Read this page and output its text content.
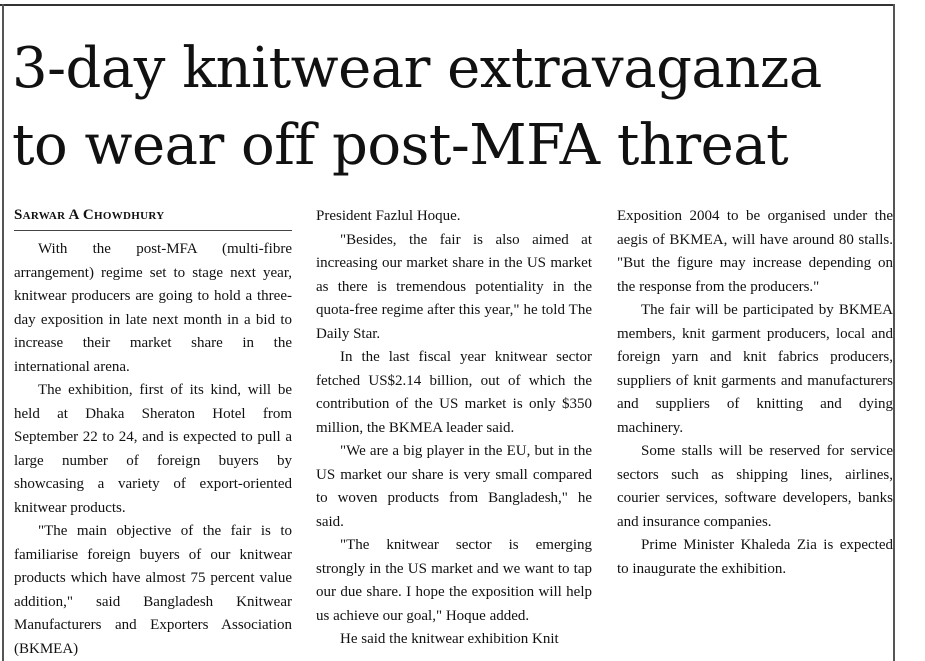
3-day knitwear extravaganza
to wear off post-MFA threat
Sarwar A Chowdhury

With the post-MFA (multi-fibre arrangement) regime set to stage next year, knitwear producers are going to hold a three-day exposition in late next month in a bid to increase their market share in the international arena.

The exhibition, first of its kind, will be held at Dhaka Sheraton Hotel from September 22 to 24, and is expected to pull a large number of foreign buyers by showcasing a variety of export-oriented knitwear products.

"The main objective of the fair is to familiarise foreign buyers of our knitwear products which have almost 75 percent value addition," said Bangladesh Knitwear Manufacturers and Exporters Association (BKMEA)

President Fazlul Hoque.

"Besides, the fair is also aimed at increasing our market share in the US market as there is tremendous potentiality in the quota-free regime after this year," he told The Daily Star.

In the last fiscal year knitwear sector fetched US$2.14 billion, out of which the contribution of the US market is only $350 million, the BKMEA leader said.

"We are a big player in the EU, but in the US market our share is very small compared to woven products from Bangladesh," he said.

"The knitwear sector is emerging strongly in the US market and we want to tap our due share. I hope the exposition will help us achieve our goal," Hoque added.

He said the knitwear exhibition Knit

Exposition 2004 to be organised under the aegis of BKMEA, will have around 80 stalls. "But the figure may increase depending on the response from the producers."

The fair will be participated by BKMEA members, knit garment producers, local and foreign yarn and knit fabrics producers, suppliers of knit garments and manufacturers and suppliers of knitting and dying machinery.

Some stalls will be reserved for service sectors such as shipping lines, airlines, courier services, software developers, banks and insurance companies.

Prime Minister Khaleda Zia is expected to inaugurate the exhibition.
